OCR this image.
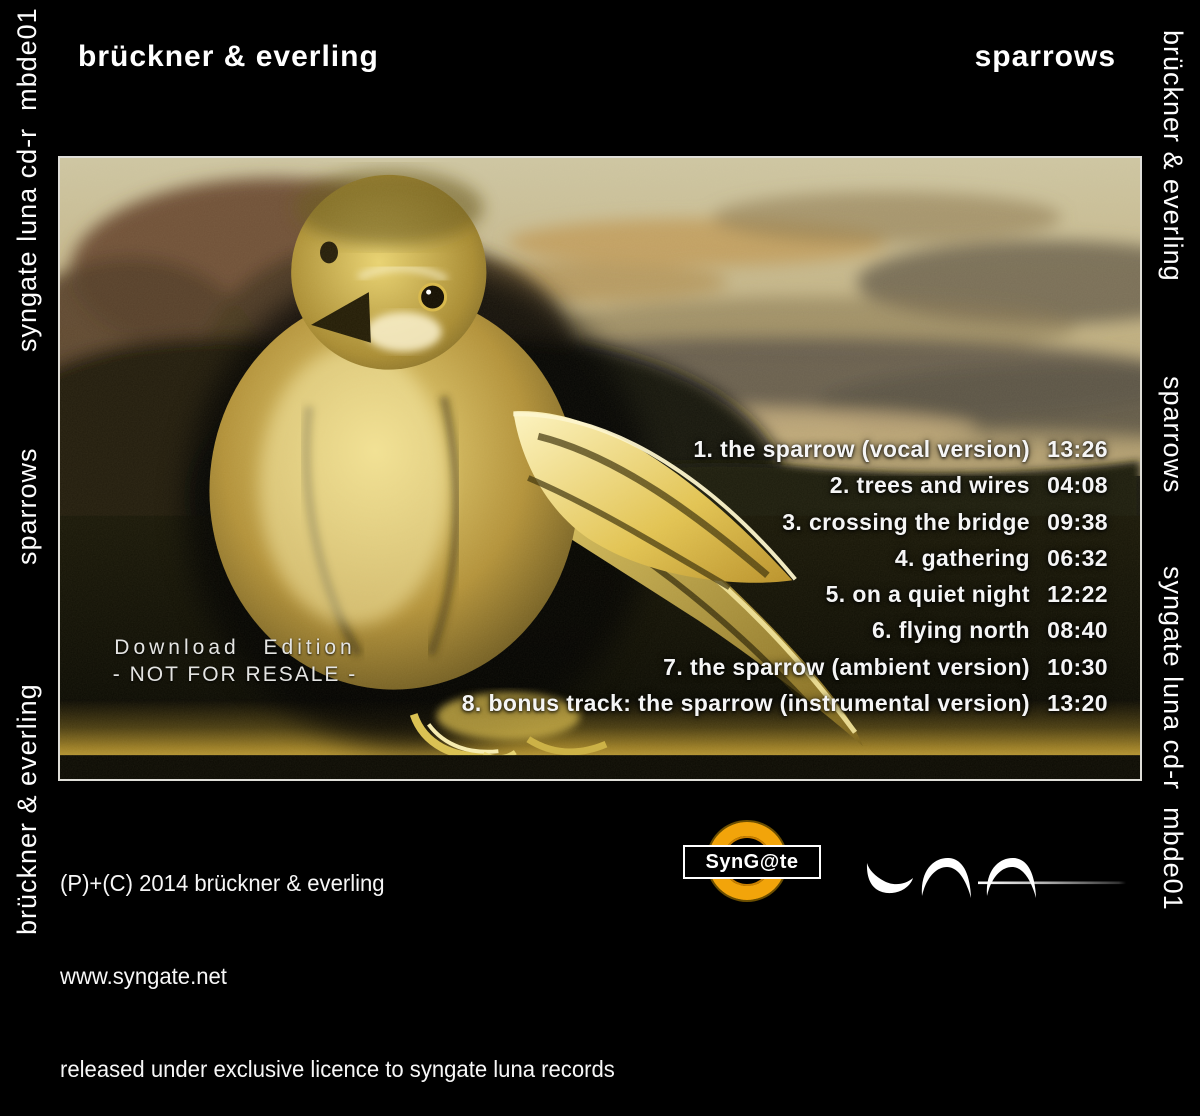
brückner & everling	sparrows
syngate luna cd-r  mbde01
sparrows
brückner & everling
brückner & everling
sparrows
syngate luna cd-r  mbde01
1. the sparrow (vocal version) 13:26
2. trees and wires 04:08
3. crossing the bridge 09:38
4. gathering 06:32
5. on a quiet night 12:22
6. flying north 08:40
7. the sparrow (ambient version) 10:30
8. bonus track: the sparrow (instrumental version) 13:20
Download Edition
- NOT FOR RESALE -

(P)+(C) 2014 brückner & everling

www.syngate.net

released under exclusive licence to syngate luna records

SynG@te
